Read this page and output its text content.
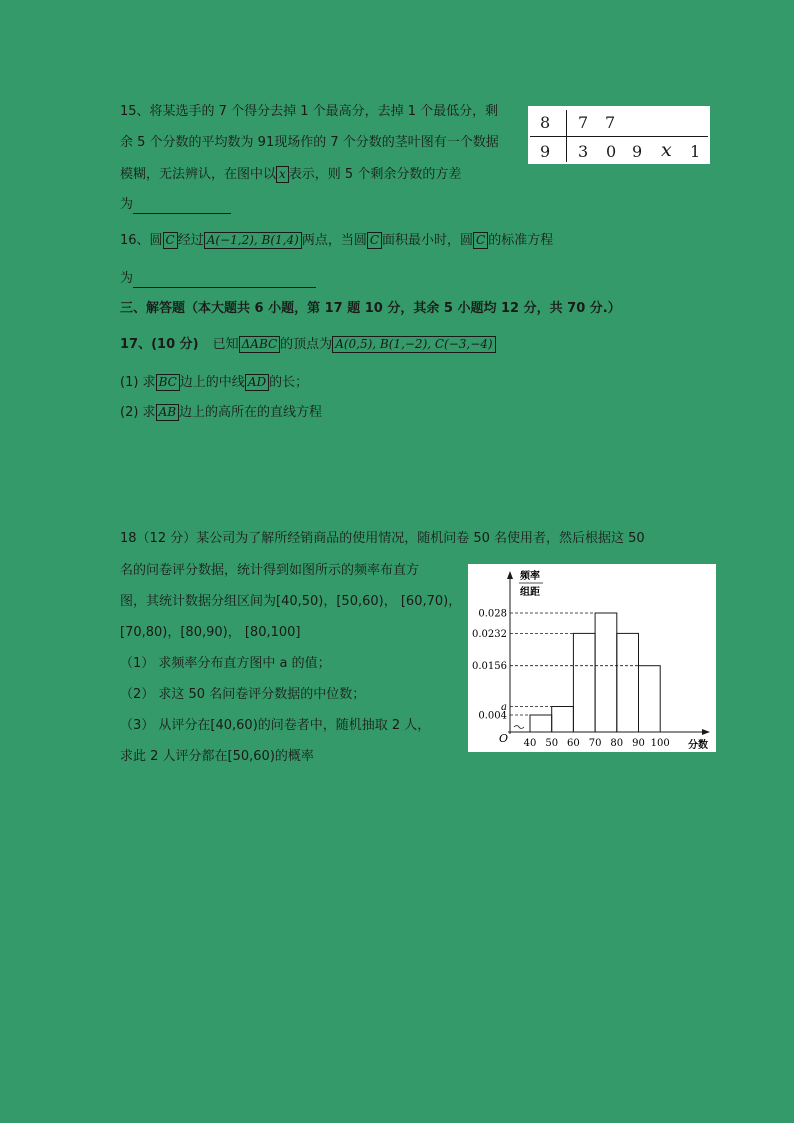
15、将某选手的 7 个得分去掉 1 个最高分，去掉 1 个最低分，剩
余 5 个分数的平均数为 91现场作的 7 个分数的茎叶图有一个数据
模糊，无法辨认，在图中以 x 表示，则 5 个剩余分数的方差
为
8 7 7
9 3 0 9 x 1
16、圆 C 经过 A(−1,2), B(1,4) 两点，当圆 C 面积最小时，圆 C 的标准方程
为
三、解答题（本大题共 6 小题，第 17 题 10 分，其余 5 小题均 12 分，共 70 分.）
17、(10 分) 已知 ΔABC 的顶点为 A(0,5), B(1,−2), C(−3,−4)
(1) 求 BC 边上的中线 AD 的长；
(2) 求 AB 边上的高所在的直线方程
18（12 分）某公司为了解所经销商品的使用情况，随机问卷 50 名使用者，然后根据这 50
名的问卷评分数据，统计得到如图所示的频率布直方
图，其统计数据分组区间为[40,50)，[50,60)， [60,70)，
[70,80)，[80,90)， [80,100]
（1） 求频率分布直方图中 a 的值；
（2） 求这 50 名问卷评分数据的中位数；
（3） 从评分在[40,60)的问卷者中，随机抽取 2 人，
求此 2 人评分都在[50,60)的概率
频率
组距
0.028
0.0232
0.0156
a
0.004
40 50 60 70 80 90 100
O
分数
